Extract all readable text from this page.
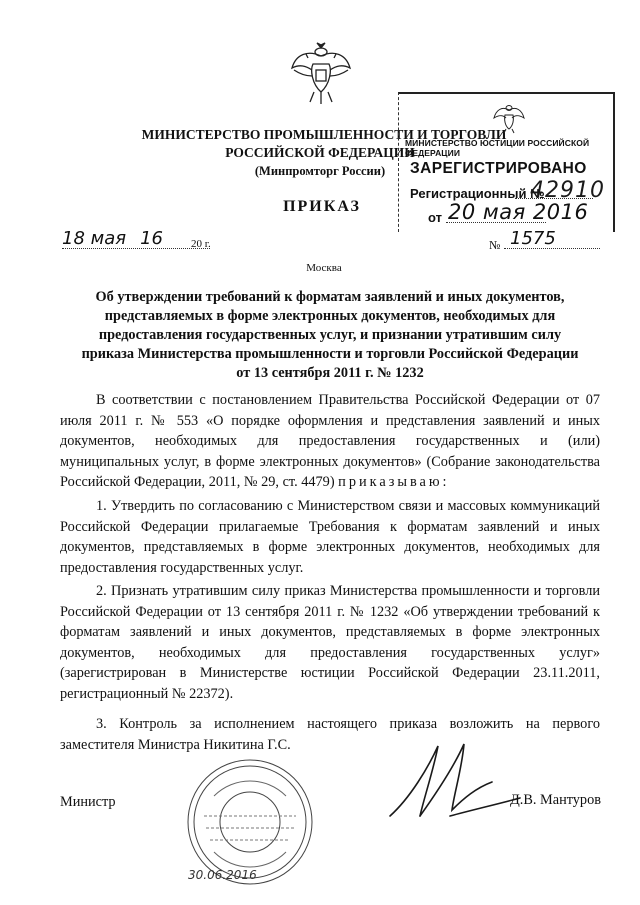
МИНИСТЕРСТВО ПРОМЫШЛЕННОСТИ И ТОРГОВЛИ
РОССИЙСКОЙ ФЕДЕРАЦИИ
(Минпромторг России)
МИНИСТЕРСТВО ЮСТИЦИИ РОССИЙСКОЙ ФЕДЕРАЦИИ
ЗАРЕГИСТРИРОВАНО
Регистрационный №
42910
от 20 мая 2016
ПРИКАЗ
18 мая 16	20 г.	№ 1575
Москва
Об утверждении требований к форматам заявлений и иных документов,
представляемых в форме электронных документов, необходимых для
предоставления государственных услуг, и признании утратившим силу
приказа Министерства промышленности и торговли Российской Федерации
от 13 сентября 2011 г. № 1232

В соответствии с постановлением Правительства Российской Федерации от 07 июля 2011 г. № 553 «О порядке оформления и представления заявлений и иных документов, необходимых для предоставления государственных и (или) муниципальных услуг, в форме электронных документов» (Собрание законодательства Российской Федерации, 2011, № 29, ст. 4479) приказываю:

1. Утвердить по согласованию с Министерством связи и массовых коммуникаций Российской Федерации прилагаемые Требования к форматам заявлений и иных документов, представляемых в форме электронных документов, необходимых для предоставления государственных услуг.

2. Признать утратившим силу приказ Министерства промышленности и торговли Российской Федерации от 13 сентября 2011 г. № 1232 «Об утверждении требований к форматам заявлений и иных документов, представляемых в форме электронных документов, необходимых для предоставления государственных услуг» (зарегистрирован в Министерстве юстиции Российской Федерации 23.11.2011, регистрационный № 22372).

3. Контроль за исполнением настоящего приказа возложить на первого заместителя Министра Никитина Г.С.

30.06.2016
Министр	Д.В. Мантуров
